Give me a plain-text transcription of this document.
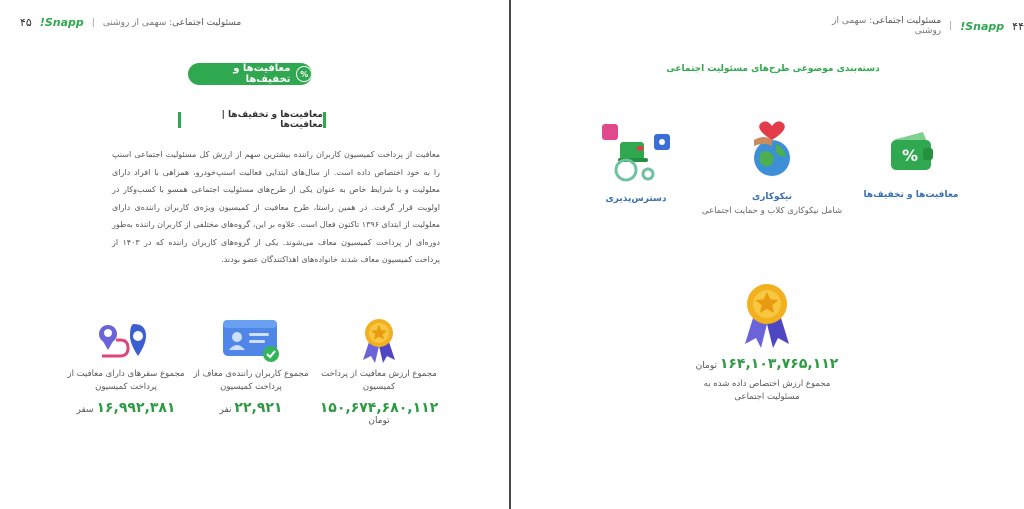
مسئولیت اجتماعی: سهمی از روشنی
|
Snapp!
۴۵
%
معافیت‌ها و تخفیف‌ها
معافیت‌ها و تخفیف‌ها | معافیت‌ها
معافیت از پرداخت کمیسیون کاربران راننده بیشترین سهم از ارزش کل مسئولیت اجتماعی اسنپ را به خود اختصاص داده است. از سال‌های ابتدایی فعالیت اسنپ‌خودرو، همراهی با افراد دارای معلولیت و با شرایط خاص به عنوان یکی از طرح‌های مسئولیت اجتماعی همسو با کسب‌وکار در اولویت قرار گرفت. در همین راستا، طرح معافیت از کمیسیون ویژه‌ی کاربران راننده‌ی دارای معلولیت از ابتدای ۱۳۹۶ تاکنون فعال است. علاوه بر این، گروه‌های مختلفی از کاربران راننده به‌طور دوره‌ای از پرداخت کمیسیون معاف می‌شوند. یکی از گروه‌های کاربران راننده که در ۱۴۰۳ از پرداخت کمیسیون معاف شدند خانواده‌های اهداکنندگان عضو بودند.
مجموع ارزش معافیت از پرداخت کمیسیون
۱۵۰,۶۷۴,۶۸۰,۱۱۲ تومان
مجموع کاربران راننده‌ی معاف از پرداخت کمیسیون
۲۲,۹۲۱ نفر
مجموع سفرهای دارای معافیت از پرداخت کمیسیون
۱۶,۹۹۲,۳۸۱ سفر
۴۴
Snapp!
|
مسئولیت اجتماعی: سهمی از روشنی
دسته‌بندی موضوعی طرح‌های مسئولیت اجتماعی
%
معافیت‌ها و تخفیف‌ها
نیکوکاری
شامل نیکوکاری کلاب و حمایت اجتماعی
دسترس‌پذیری
۱۶۴,۱۰۳,۷۶۵,۱۱۲ تومان
مجموع ارزش اختصاص داده شده به مسئولیت اجتماعی
